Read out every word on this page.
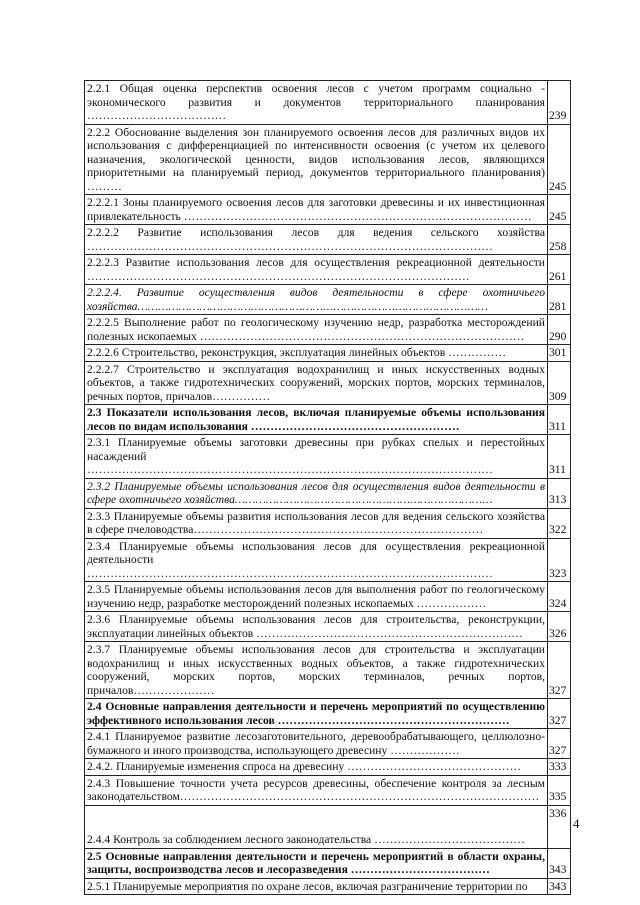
2.2.1 Общая оценка перспектив освоения лесов с учетом программ социально - экономического развития и документов территориального планирования ………………………………	239
2.2.2 Обоснование выделения зон планируемого освоения лесов для различных видов их использования с дифференциацией по интенсивности освоения (с учетом их целевого назначения, экологической ценности, видов использования лесов, являющихся приоритетными на планируемый период, документов территориального планирования) ………	245
2.2.2.1 Зоны планируемого освоения лесов для заготовки древесины и их инвестиционная привлекательность ………………………………………………………………………………	245
2.2.2.2 Развитие использования лесов для ведения сельского хозяйства ……………………………………………………………………………………………	258
2.2.2.3 Развитие использования лесов для осуществления рекреационной деятельности ………………………………………………………………………………………	261
2.2.2.4. Развитие осуществления видов деятельности в сфере охотничьего хозяйства…………………………………………………………………………………………	281
2.2.2.5 Выполнение работ по геологическому изучению недр, разработка месторождений полезных ископаемых …………………………………………………………………………	290
2.2.2.6 Строительство, реконструкция, эксплуатация линейных объектов ……………	301
2.2.2.7 Строительство и эксплуатация водохранилищ и иных искусственных водных объектов, а также гидротехнических сооружений, морских портов, морских терминалов, речных портов, причалов……………	309
2.3 Показатели использования лесов, включая планируемые объемы использования лесов по видам использования ………………………………………………	311
2.3.1 Планируемые объемы заготовки древесины при рубках спелых и перестойных насаждений ……………………………………………………………………………………………	311
2.3.2 Планируемые объемы использования лесов для осуществления видов деятельности в сфере охотничьего хозяйства…………………………………………………………………	313
2.3.3 Планируемые объемы развития использования лесов для ведения сельского хозяйства в сфере пчеловодства…………………………………………………………………	322
2.3.4 Планируемые объемы использования лесов для осуществления рекреационной деятельности ……………………………………………………………………………………………	323
2.3.5 Планируемые объемы использования лесов для выполнения работ по геологическому изучению недр, разработке месторождений полезных ископаемых ………………	324
2.3.6 Планируемые объемы использования лесов для строительства, реконструкции, эксплуатации линейных объектов ……………………………………………………………	326
2.3.7 Планируемые объемы использования лесов для строительства и эксплуатации водохранилищ и иных искусственных водных объектов, а также гидротехнических сооружений, морских портов, морских терминалов, речных портов, причалов…………………	327
2.4 Основные направления деятельности и перечень мероприятий по осуществлению эффективного использования лесов ……………………………………………………	327
2.4.1 Планируемое развитие лесозаготовительного, деревообрабатывающего, целлюлозно-бумажного и иного производства, использующего древесину ………………	327
2.4.2. Планируемые изменения спроса на древесину ………………………………………	333
2.4.3 Повышение точности учета ресурсов древесины, обеспечение контроля за лесным законодательством…………………………………………………………………………………	335
2.4.4 Контроль за соблюдением лесного законодательства …………………………………	336
2.5 Основные направления деятельности и перечень мероприятий в области охраны, защиты, воспроизводства лесов и лесоразведения ………………………………	343
2.5.1 Планируемые мероприятия по охране лесов, включая разграничение территории по	343
4
